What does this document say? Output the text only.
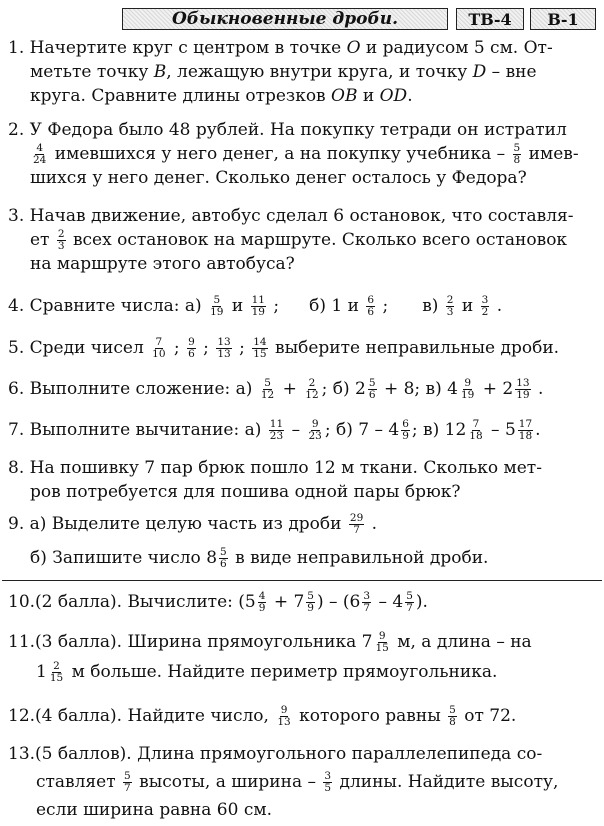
Обыкновенные дроби.	ТВ-4 В-1
1. Начертите круг с центром в точке O и радиусом 5 см. От-
метьте точку B, лежащую внутри круга, и точку D – вне
круга. Сравните длины отрезков OB и OD.
2. У Федора было 48 рублей. На покупку тетради он истратил
$\frac{4}{24}$ имевшихся у него денег, а на покупку учебника – $\frac{5}{8}$ имев-
шихся у него денег. Сколько денег осталось у Федора?
3. Начав движение, автобус сделал 6 остановок, что составля-
ет $\frac{2}{3}$ всех остановок на маршруте. Сколько всего остановок
на маршруте этого автобуса?
4. Сравните числа: $а) \frac{5}{19}$ и $\frac{11}{19}$ ; б) 1 и $\frac{6}{6}$ ; $в) \frac{2}{3}$ и $\frac{3}{2}$ .
5. Среди чисел $\frac{7}{10}$ ; $\frac{9}{6}$ ; $\frac{13}{13}$ ; $\frac{14}{15}$ выберите неправильные дроби.
6. Выполните сложение: $а) \frac{5}{12} + \frac{2}{12}$ ; б) $2 \frac{5}{6} + 8$; в) $4 \frac{9}{19} + 2 \frac{13}{19}$ .
7. Выполните вычитание: $а) \frac{11}{23} - \frac{9}{23}$ ; б) $7 - 4 \frac{6}{9}$ ; в) $12 \frac{7}{18} - 5 \frac{17}{18}$ .
8. На пошивку 7 пар брюк пошло 12 м ткани. Сколько мет-
ров потребуется для пошива одной пары брюк?
9. а) Выделите целую часть из дроби $\frac{29}{7}$ .
б) Запишите число $8 \frac{5}{6}$ в виде неправильной дроби.
10.(2 балла). Вычислите: ($5 \frac{4}{9} + 7 \frac{5}{9}$ ) – ($6 \frac{3}{7} - 4 \frac{5}{7}$ ).
11.(3 балла). Ширина прямоугольника $7 \frac{9}{15} м$, а длина – на
$1 \frac{2}{15}$ м больше. Найдите периметр прямоугольника.
12.(4 балла). Найдите число, $\frac{9}{13}$ которого равны $\frac{5}{8}$ от 72.
13.(5 баллов). Длина прямоугольного параллелепипеда со-
ставляет $\frac{5}{7}$ высоты, а ширина – $\frac{3}{5}$ длины. Найдите высоту,
если ширина равна 60 см.
